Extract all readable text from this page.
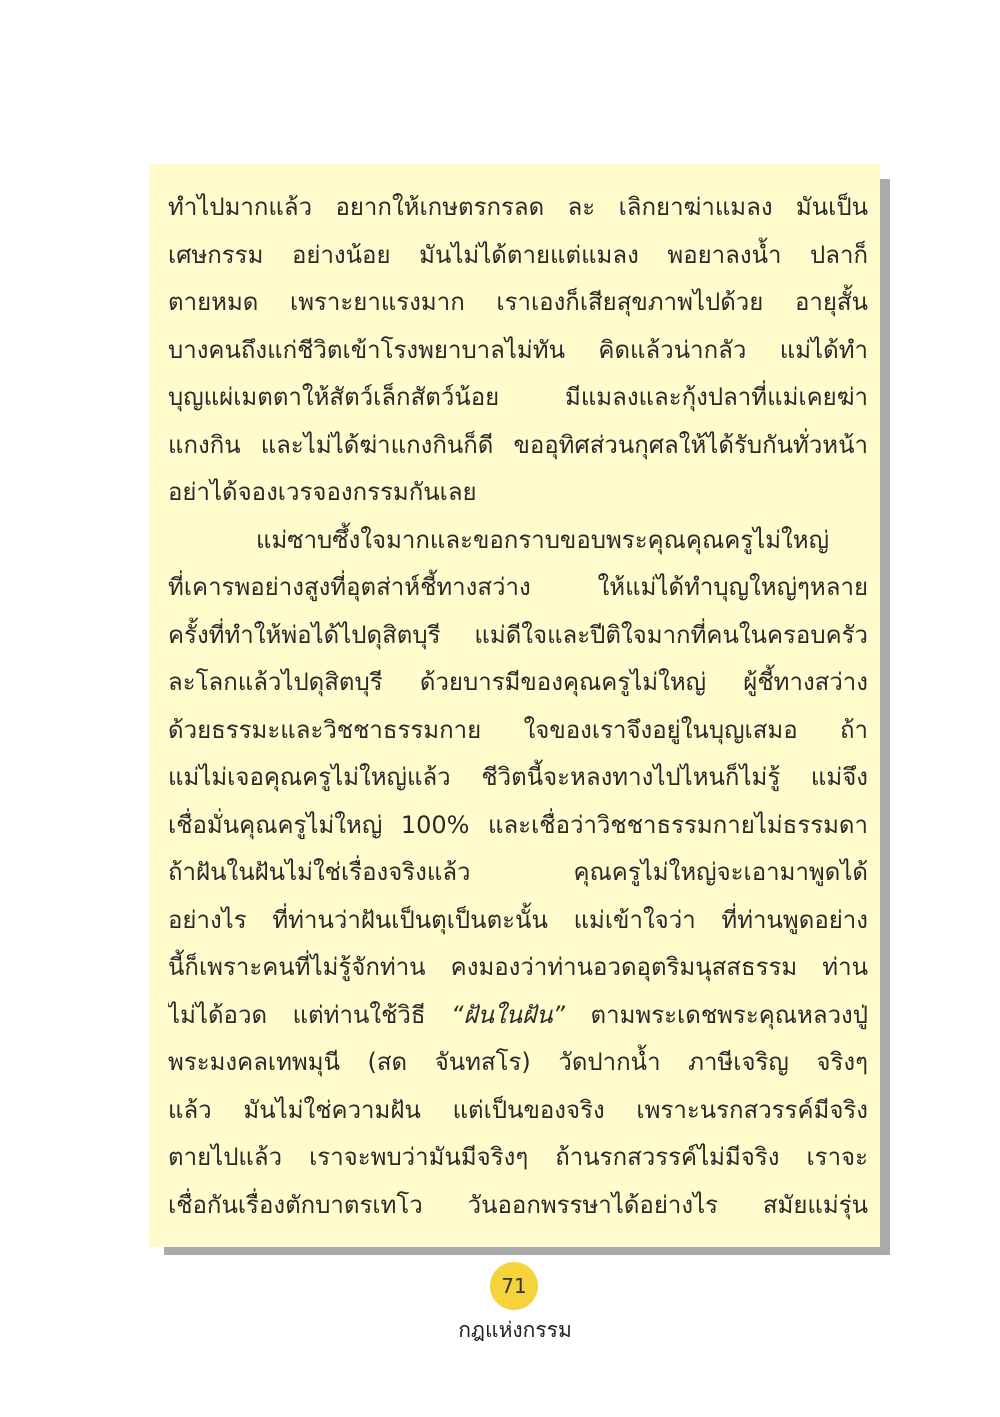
ทำไปมากแล้ว อยากให้เกษตรกรลด ละ เลิกยาฆ่าแมลง มันเป็น
เศษกรรม อย่างน้อย มันไม่ได้ตายแต่แมลง พอยาลงน้ำ ปลาก็
ตายหมด เพราะยาแรงมาก เราเองก็เสียสุขภาพไปด้วย อายุสั้น
บางคนถึงแก่ชีวิตเข้าโรงพยาบาลไม่ทัน คิดแล้วน่ากลัว แม่ได้ทำ
บุญแผ่เมตตาให้สัตว์เล็กสัตว์น้อย มีแมลงและกุ้งปลาที่แม่เคยฆ่า
แกงกิน และไม่ได้ฆ่าแกงกินก็ดี ขออุทิศส่วนกุศลให้ได้รับกันทั่วหน้า
อย่าได้จองเวรจองกรรมกันเลย
แม่ซาบซึ้งใจมากและขอกราบขอบพระคุณคุณครูไม่ใหญ่
ที่เคารพอย่างสูงที่อุตส่าห์ชี้ทางสว่าง ให้แม่ได้ทำบุญใหญ่ๆหลาย
ครั้งที่ทำให้พ่อได้ไปดุสิตบุรี แม่ดีใจและปีติใจมากที่คนในครอบครัว
ละโลกแล้วไปดุสิตบุรี ด้วยบารมีของคุณครูไม่ใหญ่ ผู้ชี้ทางสว่าง
ด้วยธรรมะและวิชชาธรรมกาย ใจของเราจึงอยู่ในบุญเสมอ ถ้า
แม่ไม่เจอคุณครูไม่ใหญ่แล้ว ชีวิตนี้จะหลงทางไปไหนก็ไม่รู้ แม่จึง
เชื่อมั่นคุณครูไม่ใหญ่ 100% และเชื่อว่าวิชชาธรรมกายไม่ธรรมดา
ถ้าฝันในฝันไม่ใช่เรื่องจริงแล้ว คุณครูไม่ใหญ่จะเอามาพูดได้
อย่างไร ที่ท่านว่าฝันเป็นตุเป็นตะนั้น แม่เข้าใจว่า ที่ท่านพูดอย่าง
นี้ก็เพราะคนที่ไม่รู้จักท่าน คงมองว่าท่านอวดอุตริมนุสสธรรม ท่าน
ไม่ได้อวด แต่ท่านใช้วิธี “ฝันในฝัน” ตามพระเดชพระคุณหลวงปู่
พระมงคลเทพมุนี (สด จันทสโร) วัดปากน้ำ ภาษีเจริญ จริงๆ
แล้ว มันไม่ใช่ความฝัน แต่เป็นของจริง เพราะนรกสวรรค์มีจริง
ตายไปแล้ว เราจะพบว่ามันมีจริงๆ ถ้านรกสวรรค์ไม่มีจริง เราจะ
เชื่อกันเรื่องตักบาตรเทโว วันออกพรรษาได้อย่างไร สมัยแม่รุ่น
71
กฎแห่งกรรม
